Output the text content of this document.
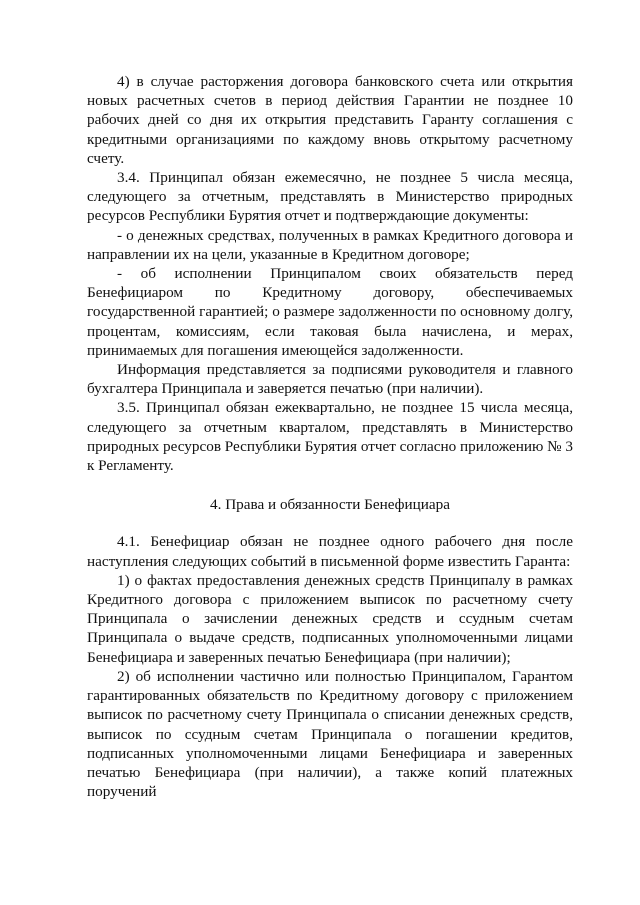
4) в случае расторжения договора банковского счета или открытия новых расчетных счетов в период действия Гарантии не позднее 10 рабочих дней со дня их открытия представить Гаранту соглашения с кредитными организациями по каждому вновь открытому расчетному счету.

3.4. Принципал обязан ежемесячно, не позднее 5 числа месяца, следующего за отчетным, представлять в Министерство природных ресурсов Республики Бурятия отчет и подтверждающие документы:

- о денежных средствах, полученных в рамках Кредитного договора и направлении их на цели, указанные в Кредитном договоре;

- об исполнении Принципалом своих обязательств перед Бенефициаром по Кредитному договору, обеспечиваемых государственной гарантией; о размере задолженности по основному долгу, процентам, комиссиям, если таковая была начислена, и мерах, принимаемых для погашения имеющейся задолженности.

Информация представляется за подписями руководителя и главного бухгалтера Принципала и заверяется печатью (при наличии).

3.5. Принципал обязан ежеквартально, не позднее 15 числа месяца, следующего за отчетным кварталом, представлять в Министерство природных ресурсов Республики Бурятия отчет согласно приложению № 3 к Регламенту.

4. Права и обязанности Бенефициара

4.1. Бенефициар обязан не позднее одного рабочего дня после наступления следующих событий в письменной форме известить Гаранта:

1) о фактах предоставления денежных средств Принципалу в рамках Кредитного договора с приложением выписок по расчетному счету Принципала о зачислении денежных средств и ссудным счетам Принципала о выдаче средств, подписанных уполномоченными лицами Бенефициара и заверенных печатью Бенефициара (при наличии);

2) об исполнении частично или полностью Принципалом, Гарантом гарантированных обязательств по Кредитному договору с приложением выписок по расчетному счету Принципала о списании денежных средств, выписок по ссудным счетам Принципала о погашении кредитов, подписанных уполномоченными лицами Бенефициара и заверенных печатью Бенефициара (при наличии), а также копий платежных поручений
